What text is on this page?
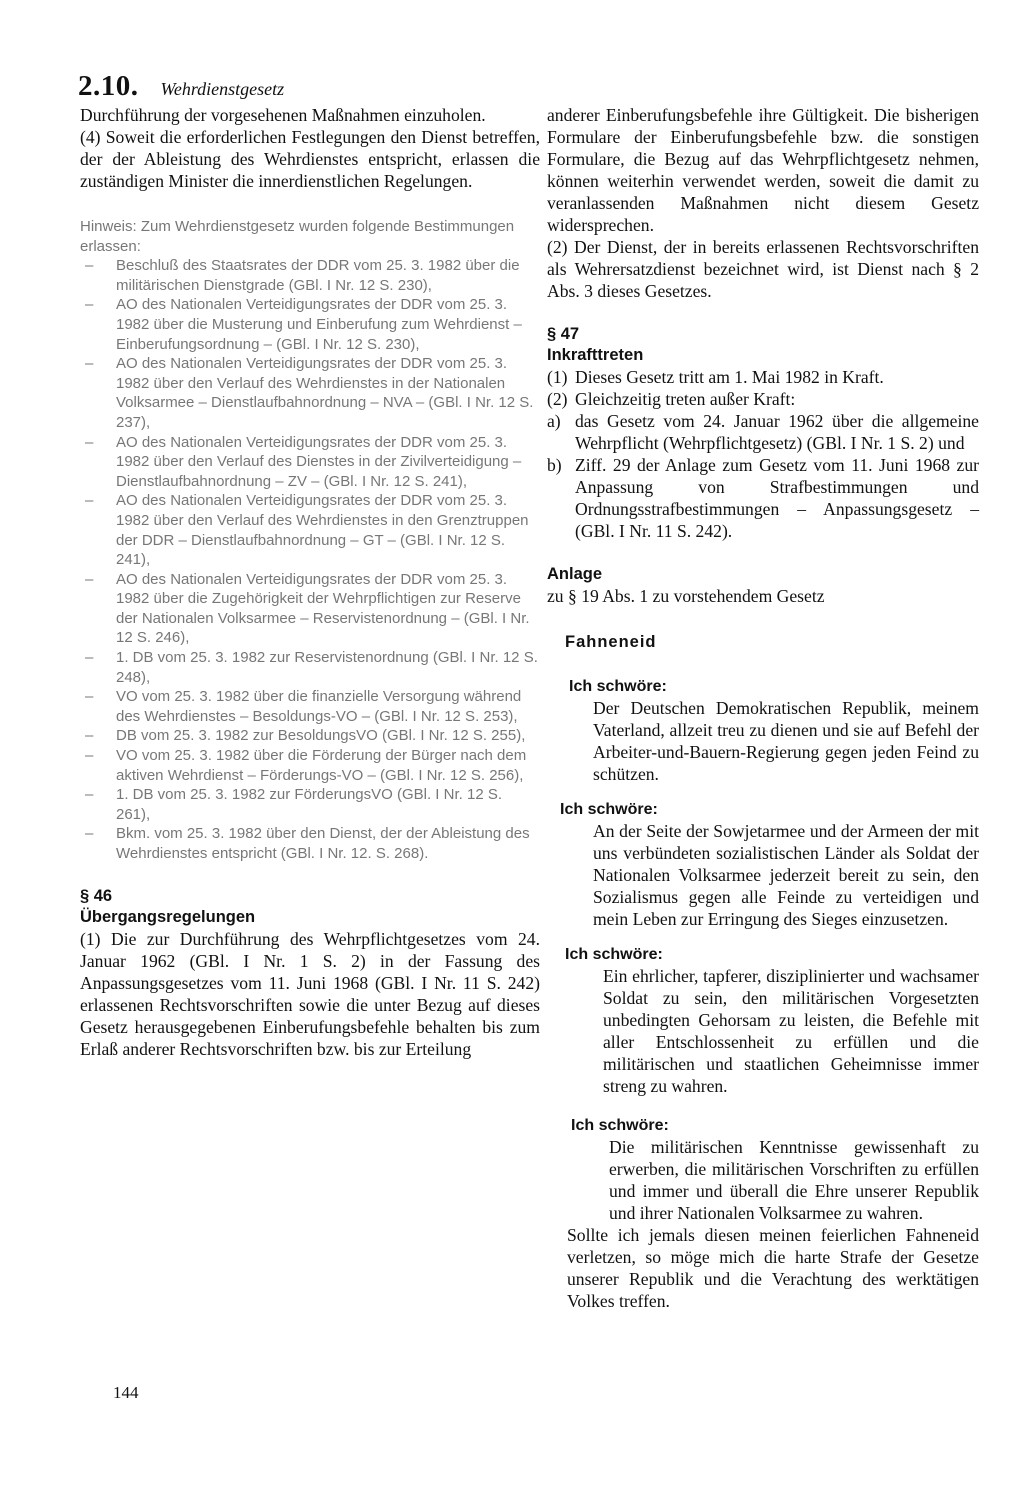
2.10. Wehrdienstgesetz

Durchführung der vorgesehenen Maßnahmen einzuholen.

(4) Soweit die erforderlichen Festlegungen den Dienst betreffen, der der Ableistung des Wehrdienstes entspricht, erlassen die zuständigen Minister die innerdienstlichen Regelungen.

Hinweis: Zum Wehrdienstgesetz wurden folgende Bestimmungen erlassen:

– Beschluß des Staatsrates der DDR vom 25. 3. 1982 über die militärischen Dienstgrade (GBl. I Nr. 12 S. 230),
– AO des Nationalen Verteidigungsrates der DDR vom 25. 3. 1982 über die Musterung und Einberufung zum Wehrdienst – Einberufungsordnung – (GBl. I Nr. 12 S. 230),
– AO des Nationalen Verteidigungsrates der DDR vom 25. 3. 1982 über den Verlauf des Wehrdienstes in der Nationalen Volksarmee – Dienstlaufbahnordnung – NVA – (GBl. I Nr. 12 S. 237),
– AO des Nationalen Verteidigungsrates der DDR vom 25. 3. 1982 über den Verlauf des Dienstes in der Zivilverteidigung – Dienstlaufbahnordnung – ZV – (GBl. I Nr. 12 S. 241),
– AO des Nationalen Verteidigungsrates der DDR vom 25. 3. 1982 über den Verlauf des Wehrdienstes in den Grenztruppen der DDR – Dienstlaufbahnordnung – GT – (GBl. I Nr. 12 S. 241),
– AO des Nationalen Verteidigungsrates der DDR vom 25. 3. 1982 über die Zugehörigkeit der Wehrpflichtigen zur Reserve der Nationalen Volksarmee – Reservistenordnung – (GBl. I Nr. 12 S. 246),
– 1. DB vom 25. 3. 1982 zur Reservistenordnung (GBl. I Nr. 12 S. 248),
– VO vom 25. 3. 1982 über die finanzielle Versorgung während des Wehrdienstes – Besoldungs-VO – (GBl. I Nr. 12 S. 253),
– DB vom 25. 3. 1982 zur BesoldungsVO (GBl. I Nr. 12 S. 255),
– VO vom 25. 3. 1982 über die Förderung der Bürger nach dem aktiven Wehrdienst – Förderungs-VO – (GBl. I Nr. 12 S. 256),
– 1. DB vom 25. 3. 1982 zur FörderungsVO (GBl. I Nr. 12 S. 261),
– Bkm. vom 25. 3. 1982 über den Dienst, der der Ableistung des Wehrdienstes entspricht (GBl. I Nr. 12. S. 268).

§ 46

Übergangsregelungen

(1) Die zur Durchführung des Wehrpflichtgesetzes vom 24. Januar 1962 (GBl. I Nr. 1 S. 2) in der Fassung des Anpassungsgesetzes vom 11. Juni 1968 (GBl. I Nr. 11 S. 242) erlassenen Rechtsvorschriften sowie die unter Bezug auf dieses Gesetz herausgegebenen Einberufungsbefehle behalten bis zum Erlaß anderer Rechtsvorschriften bzw. bis zur Erteilung

anderer Einberufungsbefehle ihre Gültigkeit. Die bisherigen Formulare der Einberufungsbefehle bzw. die sonstigen Formulare, die Bezug auf das Wehrpflichtgesetz nehmen, können weiterhin verwendet werden, soweit die damit zu veranlassenden Maßnahmen nicht diesem Gesetz widersprechen.

(2) Der Dienst, der in bereits erlassenen Rechtsvorschriften als Wehrersatzdienst bezeichnet wird, ist Dienst nach § 2 Abs. 3 dieses Gesetzes.

§ 47

Inkrafttreten

(1) Dieses Gesetz tritt am 1. Mai 1982 in Kraft.
(2) Gleichzeitig treten außer Kraft:
a) das Gesetz vom 24. Januar 1962 über die allgemeine Wehrpflicht (Wehrpflichtgesetz) (GBl. I Nr. 1 S. 2) und
b) Ziff. 29 der Anlage zum Gesetz vom 11. Juni 1968 zur Anpassung von Strafbestimmungen und Ordnungsstrafbestimmungen – Anpassungsgesetz – (GBl. I Nr. 11 S. 242).

Anlage

zu § 19 Abs. 1 zu vorstehendem Gesetz

Fahneneid

Ich schwöre:

Der Deutschen Demokratischen Republik, meinem Vaterland, allzeit treu zu dienen und sie auf Befehl der Arbeiter-und-Bauern-Regierung gegen jeden Feind zu schützen.

Ich schwöre:

An der Seite der Sowjetarmee und der Armeen der mit uns verbündeten sozialistischen Länder als Soldat der Nationalen Volksarmee jederzeit bereit zu sein, den Sozialismus gegen alle Feinde zu verteidigen und mein Leben zur Erringung des Sieges einzusetzen.

Ich schwöre:

Ein ehrlicher, tapferer, disziplinierter und wachsamer Soldat zu sein, den militärischen Vorgesetzten unbedingten Gehorsam zu leisten, die Befehle mit aller Entschlossenheit zu erfüllen und die militärischen und staatlichen Geheimnisse immer streng zu wahren.

Ich schwöre:

Die militärischen Kenntnisse gewissenhaft zu erwerben, die militärischen Vorschriften zu erfüllen und immer und überall die Ehre unserer Republik und ihrer Nationalen Volksarmee zu wahren.

Sollte ich jemals diesen meinen feierlichen Fahneneid verletzen, so möge mich die harte Strafe der Gesetze unserer Republik und die Verachtung des werktätigen Volkes treffen.

144
